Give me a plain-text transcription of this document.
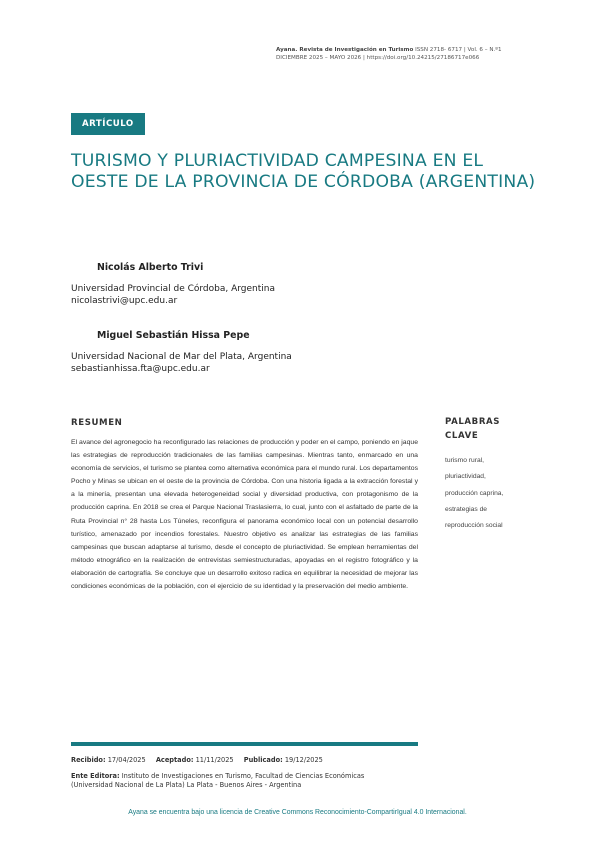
Ayana. Revista de Investigación en Turismo ISSN 2718- 6717 | Vol. 6 – N.º1
DICIEMBRE 2025 – MAYO 2026 | https://doi.org/10.24215/27186717e066
ARTÍCULO
TURISMO Y PLURIACTIVIDAD CAMPESINA EN EL OESTE DE LA PROVINCIA DE CÓRDOBA (ARGENTINA)
Nicolás Alberto Trivi
Universidad Provincial de Córdoba, Argentina
nicolastrivi@upc.edu.ar
Miguel Sebastián Hissa Pepe
Universidad Nacional de Mar del Plata, Argentina
sebastianhissa.fta@upc.edu.ar
RESUMEN
El avance del agronegocio ha reconfigurado las relaciones de producción y poder en el campo, poniendo en jaque las estrategias de reproducción tradicionales de las familias campesinas. Mientras tanto, enmarcado en una economía de servicios, el turismo se plantea como alternativa económica para el mundo rural. Los departamentos Pocho y Minas se ubican en el oeste de la provincia de Córdoba. Con una historia ligada a la extracción forestal y a la minería, presentan una elevada heterogeneidad social y diversidad productiva, con protagonismo de la producción caprina. En 2018 se crea el Parque Nacional Traslasierra, lo cual, junto con el asfaltado de parte de la Ruta Provincial n° 28 hasta Los Túneles, reconfigura el panorama económico local con un potencial desarrollo turístico, amenazado por incendios forestales. Nuestro objetivo es analizar las estrategias de las familias campesinas que buscan adaptarse al turismo, desde el concepto de pluriactividad. Se emplean herramientas del método etnográfico en la realización de entrevistas semiestructuradas, apoyadas en el registro fotográfico y la elaboración de cartografía. Se concluye que un desarrollo exitoso radica en equilibrar la necesidad de mejorar las condiciones económicas de la población, con el ejercicio de su identidad y la preservación del medio ambiente.
PALABRAS
CLAVE
turismo rural,
pluriactividad,
producción caprina,
estrategias de
reproducción social
Recibido: 17/04/2025 Aceptado: 11/11/2025 Publicado: 19/12/2025
Ente Editora: Instituto de Investigaciones en Turismo, Facultad de Ciencias Económicas (Universidad Nacional de La Plata) La Plata - Buenos Aires - Argentina
Ayana se encuentra bajo una licencia de Creative Commons Reconocimiento-CompartirIgual 4.0 Internacional.
